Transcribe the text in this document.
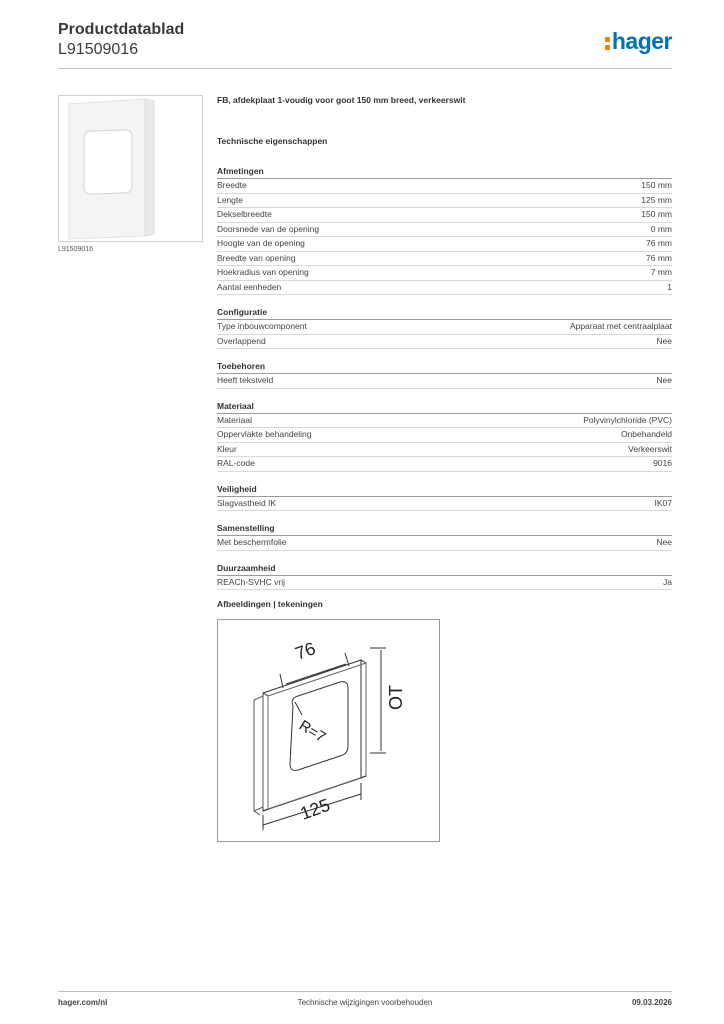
Productdatablad
L91509016	hager
L91509016
FB, afdekplaat 1-voudig voor goot 150 mm breed, verkeerswit
Technische eigenschappen
Afmetingen
Breedte	150 mm
Lengte	125 mm
Dekselbreedte	150 mm
Doorsnede van de opening	0 mm
Hoogte van de opening	76 mm
Breedte van opening	76 mm
Hoekradius van opening	7 mm
Aantal eenheden	1
Configuratie
Type inbouwcomponent	Apparaat met centraalplaat
Overlappend	Nee
Toebehoren
Heeft tekstveld	Nee
Materiaal
Materiaal	Polyvinylchloride (PVC)
Oppervlakte behandeling	Onbehandeld
Kleur	Verkeerswit
RAL-code	9016
Veiligheid
Slagvastheid IK	IK07
Samenstelling
Met beschermfolie	Nee
Duurzaamheid
REACh-SVHC vrij	Ja
Afbeeldingen | tekeningen
76
OT
R=7
125
hager.com/nl	Technische wijzigingen voorbehouden	09.03.2026
